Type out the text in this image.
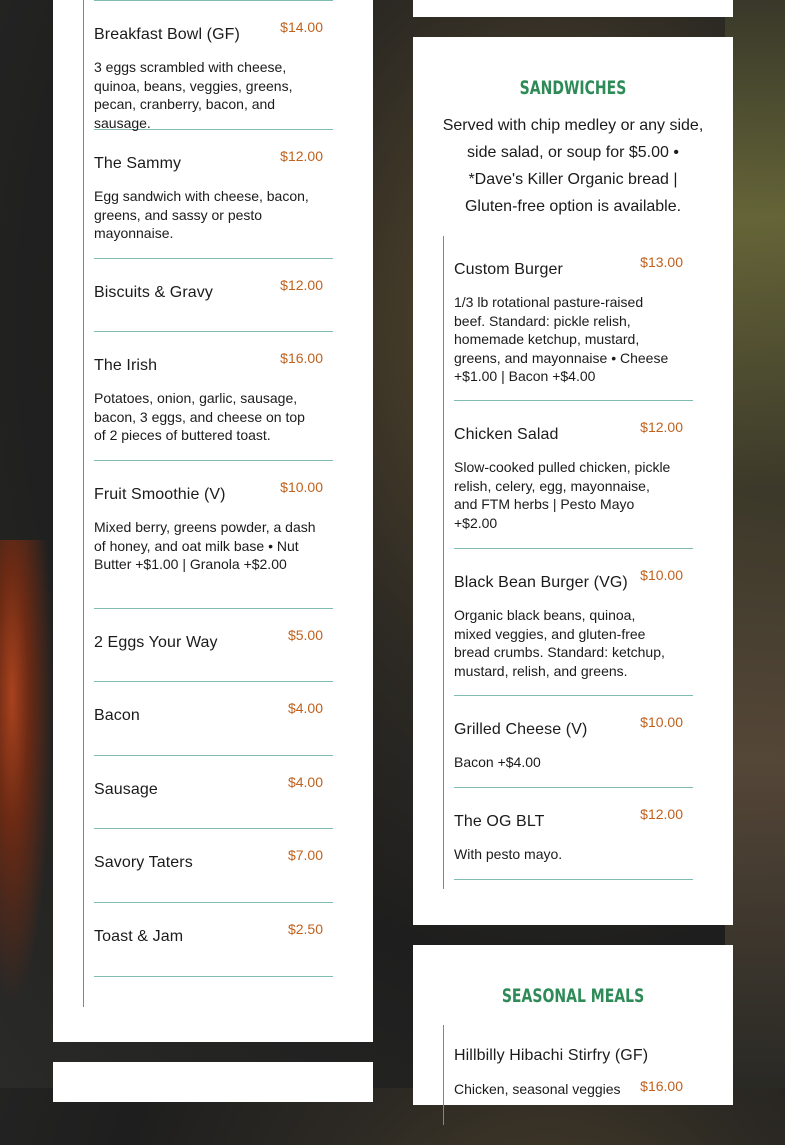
Breakfast Bowl (GF)	$14.00
3 eggs scrambled with cheese, quinoa, beans, veggies, greens, pecan, cranberry, bacon, and sausage.
The Sammy	$12.00
Egg sandwich with cheese, bacon, greens, and sassy or pesto mayonnaise.
Biscuits & Gravy	$12.00
The Irish	$16.00
Potatoes, onion, garlic, sausage, bacon, 3 eggs, and cheese on top of 2 pieces of buttered toast.
Fruit Smoothie (V)	$10.00
Mixed berry, greens powder, a dash of honey, and oat milk base • Nut Butter +$1.00 | Granola +$2.00
2 Eggs Your Way	$5.00
Bacon	$4.00
Sausage	$4.00
Savory Taters	$7.00
Toast & Jam	$2.50
SANDWICHES
Served with chip medley or any side, side salad, or soup for $5.00 • *Dave's Killer Organic bread | Gluten-free option is available.
Custom Burger	$13.00
1/3 lb rotational pasture-raised beef. Standard: pickle relish, homemade ketchup, mustard, greens, and mayonnaise • Cheese +$1.00 | Bacon +$4.00
Chicken Salad	$12.00
Slow-cooked pulled chicken, pickle relish, celery, egg, mayonnaise, and FTM herbs | Pesto Mayo +$2.00
Black Bean Burger (VG) $10.00
Organic black beans, quinoa, mixed veggies, and gluten-free bread crumbs. Standard: ketchup, mustard, relish, and greens.
Grilled Cheese (V)	$10.00
Bacon +$4.00
The OG BLT	$12.00
With pesto mayo.
SEASONAL MEALS
Hillbilly Hibachi Stirfry (GF)
$16.00
Chicken, seasonal veggies
